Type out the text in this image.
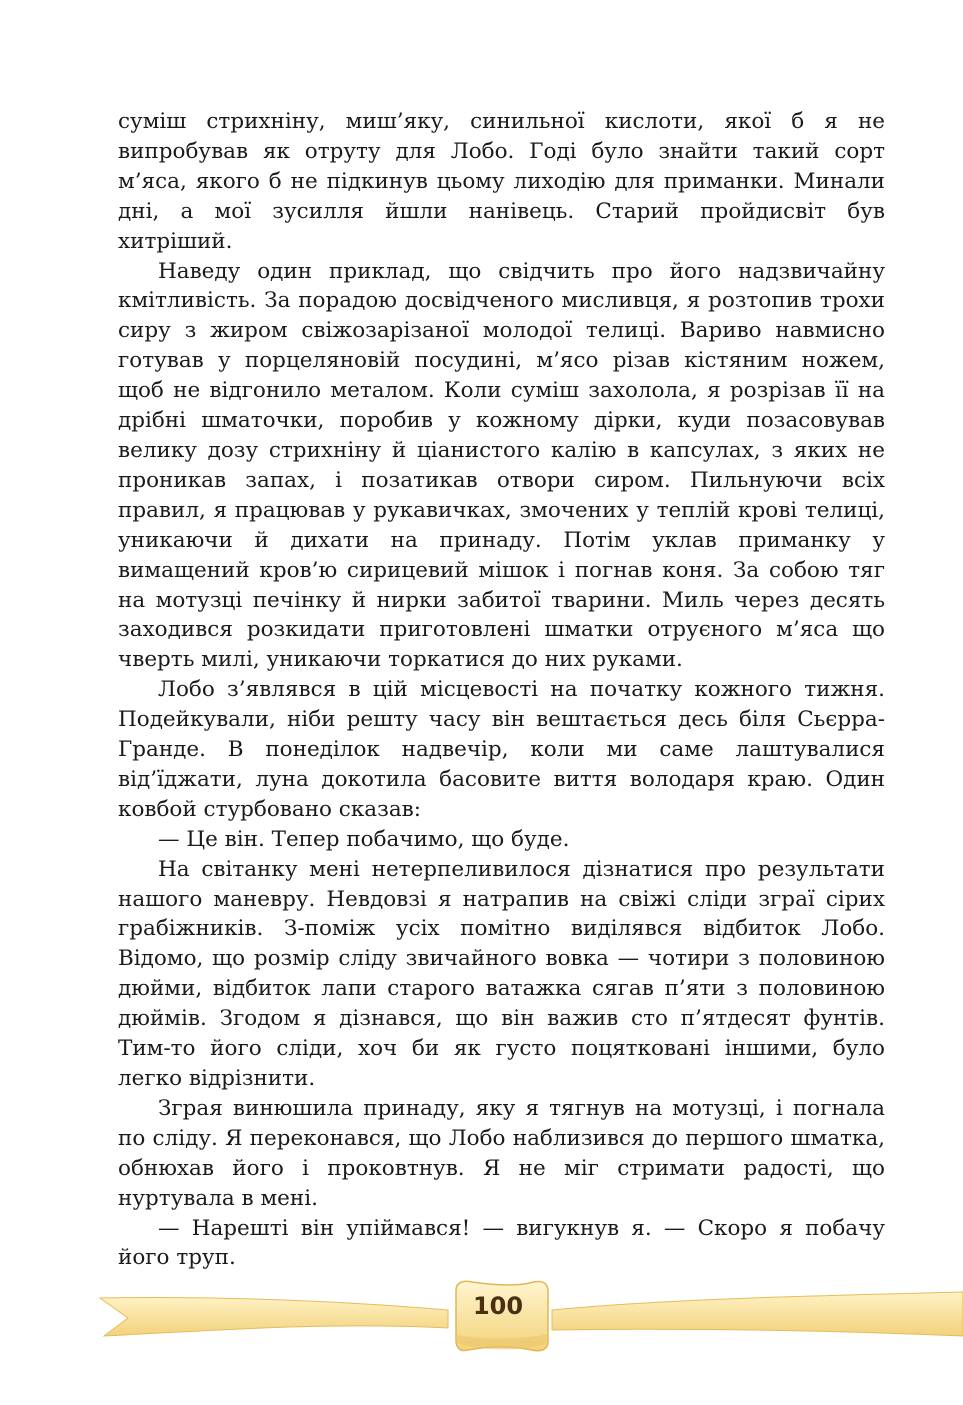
суміш стрихніну, миш’яку, синильної кислоти, якої б я не випробував як отруту для Лобо. Годі було знайти такий сорт м’яса, якого б не підкинув цьому лиходію для приманки. Минали дні, а мої зусилля йшли нанівець. Старий пройдисвіт був хитріший.

Наведу один приклад, що свідчить про його надзвичайну кмітливість. За порадою досвідченого мисливця, я розтопив трохи сиру з жиром свіжозарізаної молодої телиці. Вариво навмисно готував у порцеляновій посудині, м’ясо різав кістяним ножем, щоб не відгонило металом. Коли суміш захолола, я розрізав її на дрібні шматочки, поробив у кожному дірки, куди позасовував велику дозу стрихніну й ціанистого калію в капсулах, з яких не проникав запах, і позатикав отвори сиром. Пильнуючи всіх правил, я працював у рукавичках, змочених у теплій крові телиці, уникаючи й дихати на принаду. Потім уклав приманку у вимащений кров’ю сирицевий мішок і погнав коня. За собою тяг на мотузці печінку й нирки забитої тварини. Миль через десять заходився розкидати приготовлені шматки отруєного м’яса що чверть милі, уникаючи торкатися до них руками.

Лобо з’являвся в цій місцевості на початку кожного тижня. Подейкували, ніби решту часу він вештається десь біля Сьєрра-Гранде. В понеділок надвечір, коли ми саме лаштувалися від’їджати, луна докотила басовите виття володаря краю. Один ковбой стурбовано сказав:

— Це він. Тепер побачимо, що буде.

На світанку мені нетерпеливилося дізнатися про результати нашого маневру. Невдовзі я натрапив на свіжі сліди зграї сірих грабіжників. З-поміж усіх помітно виділявся відбиток Лобо. Відомо, що розмір сліду звичайного вовка — чотири з половиною дюйми, відбиток лапи старого ватажка сягав п’яти з половиною дюймів. Згодом я дізнався, що він важив сто п’ятдесят фунтів. Тим-то його сліди, хоч би як густо поцятковані іншими, було легко відрізнити.

Зграя винюшила принаду, яку я тягнув на мотузці, і погнала по сліду. Я переконався, що Лобо наблизився до першого шматка, обнюхав його і проковтнув. Я не міг стримати радості, що нуртувала в мені.

— Нарешті він упіймався! — вигукнув я. — Скоро я побачу його труп.

100
